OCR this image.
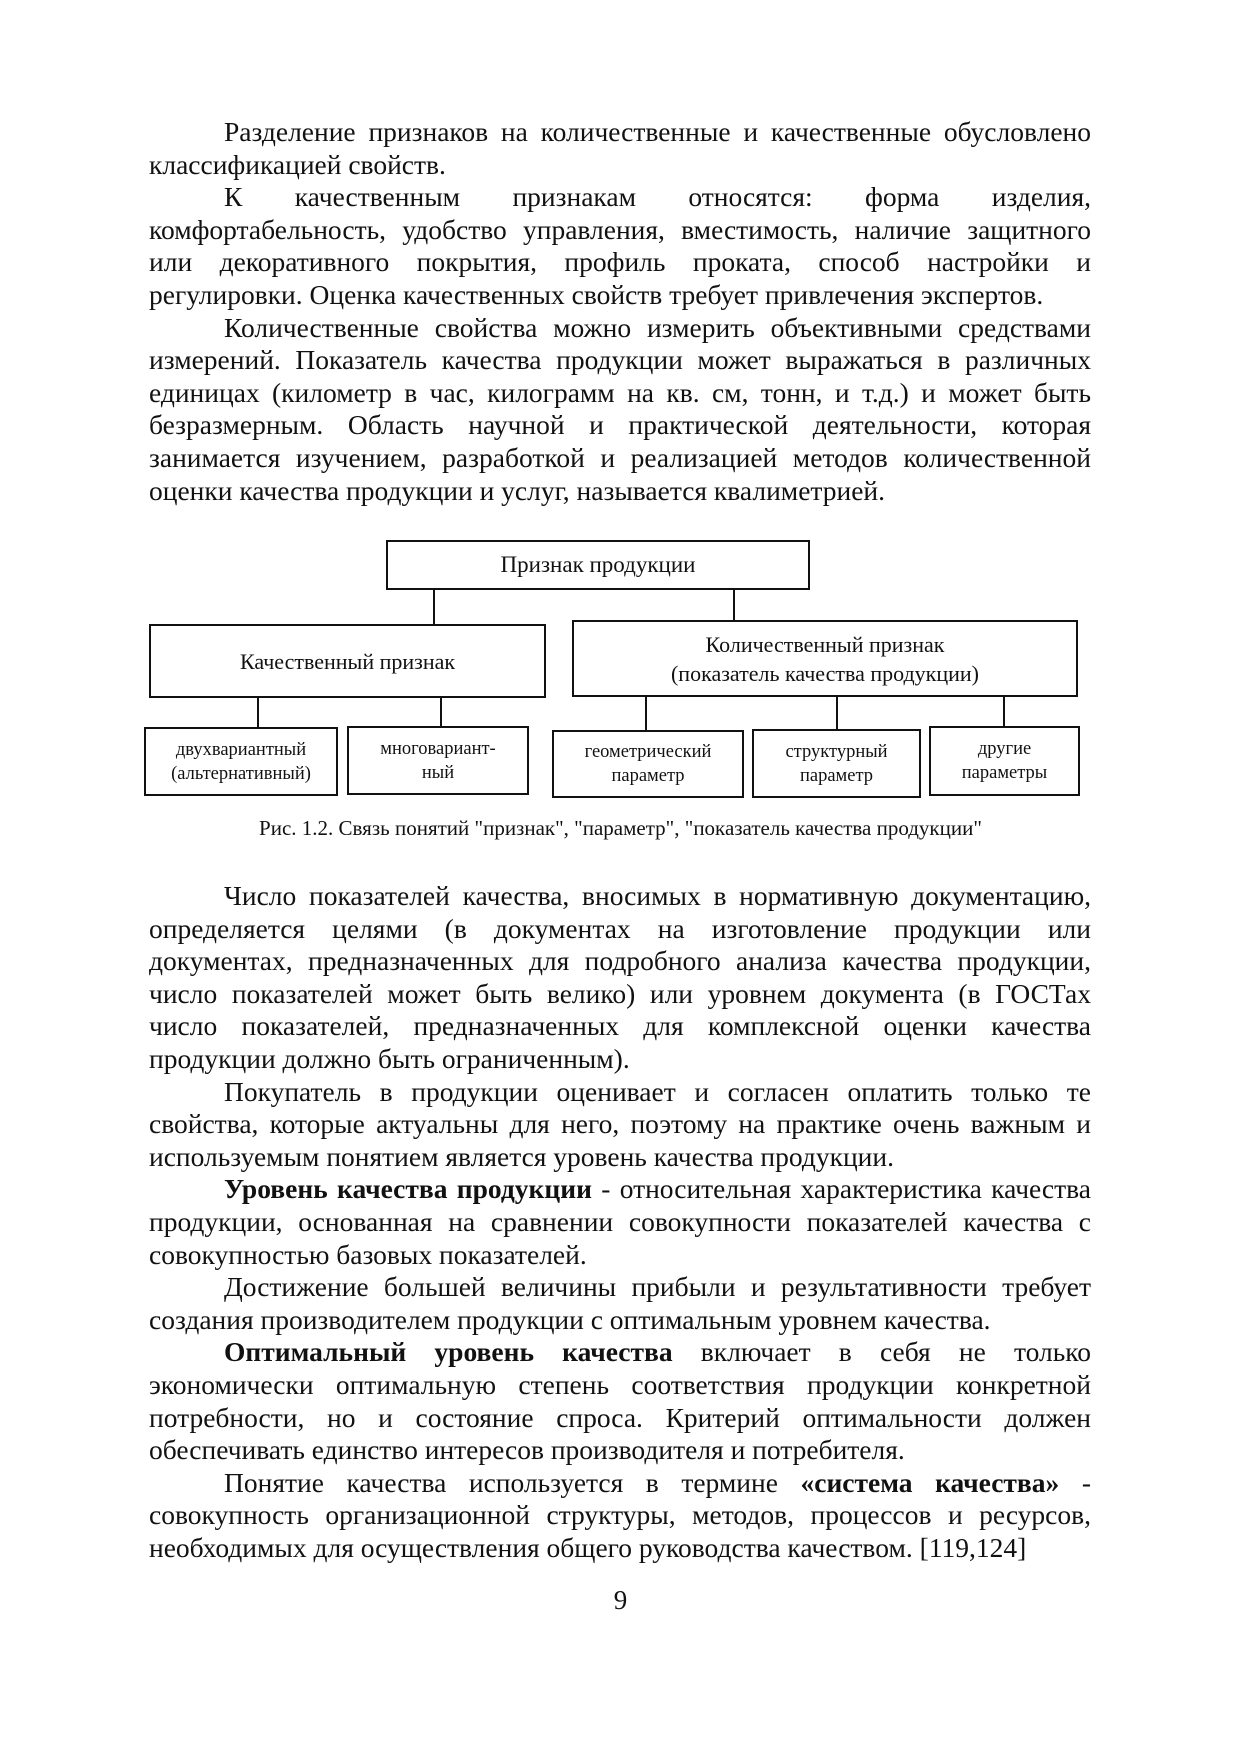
Разделение признаков на количественные и качественные обусловлено классификацией свойств.

К качественным признакам относятся: форма изделия, комфортабельность, удобство управления, вместимость, наличие защитного или декоративного покрытия, профиль проката, способ настройки и регулировки. Оценка качественных свойств требует привлечения экспертов.

Количественные свойства можно измерить объективными средствами измерений. Показатель качества продукции может выражаться в различных единицах (километр в час, килограмм на кв. см, тонн, и т.д.) и может быть безразмерным. Область научной и практической деятельности, которая занимается изучением, разработкой и реализацией методов количественной оценки качества продукции и услуг, называется квалиметрией.

Признак продукции
Качественный признак
Количественный признак
(показатель качества продукции)
двухвариантный
(альтернативный)
многовариант-
ный
геометрический
параметр
структурный
параметр
другие
параметры
Рис. 1.2. Связь понятий "признак", "параметр", "показатель качества продукции"

Число показателей качества, вносимых в нормативную документацию, определяется целями (в документах на изготовление продукции или документах, предназначенных для подробного анализа качества продукции, число показателей может быть велико) или уровнем документа (в ГОСТах число показателей, предназначенных для комплексной оценки качества продукции должно быть ограниченным).

Покупатель в продукции оценивает и согласен оплатить только те свойства, которые актуальны для него, поэтому на практике очень важным и используемым понятием является уровень качества продукции.

Уровень качества продукции - относительная характеристика качества продукции, основанная на сравнении совокупности показателей качества с совокупностью базовых показателей.

Достижение большей величины прибыли и результативности требует создания производителем продукции с оптимальным уровнем качества.

Оптимальный уровень качества включает в себя не только экономически оптимальную степень соответствия продукции конкретной потребности, но и состояние спроса. Критерий оптимальности должен обеспечивать единство интересов производителя и потребителя.

Понятие качества используется в термине «система качества» - совокупность организационной структуры, методов, процессов и ресурсов, необходимых для осуществления общего руководства качеством. [119,124]

9
